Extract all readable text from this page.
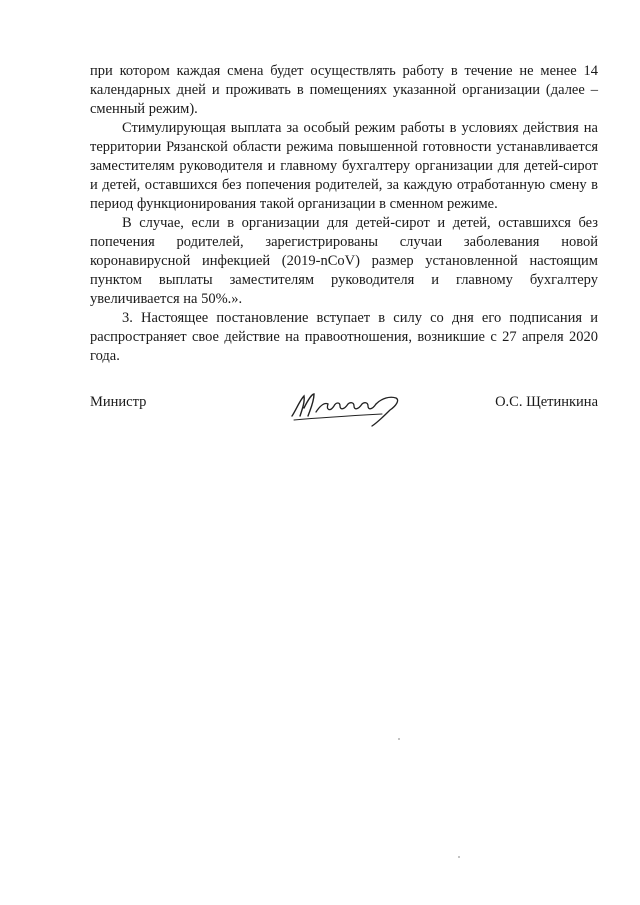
при котором каждая смена будет осуществлять работу в течение не менее 14 календарных дней и проживать в помещениях указанной организации (далее – сменный режим).

Стимулирующая выплата за особый режим работы в условиях действия на территории Рязанской области режима повышенной готовности устанавливается заместителям руководителя и главному бухгалтеру организации для детей-сирот и детей, оставшихся без попечения родителей, за каждую отработанную смену в период функционирования такой организации в сменном режиме.

В случае, если в организации для детей-сирот и детей, оставшихся без попечения родителей, зарегистрированы случаи заболевания новой коронавирусной инфекцией (2019-nCoV) размер установленной настоящим пунктом выплаты заместителям руководителя и главному бухгалтеру увеличивается на 50%.».

3. Настоящее постановление вступает в силу со дня его подписания и распространяет свое действие на правоотношения, возникшие с 27 апреля 2020 года.

Министр	О.С. Щетинкина
